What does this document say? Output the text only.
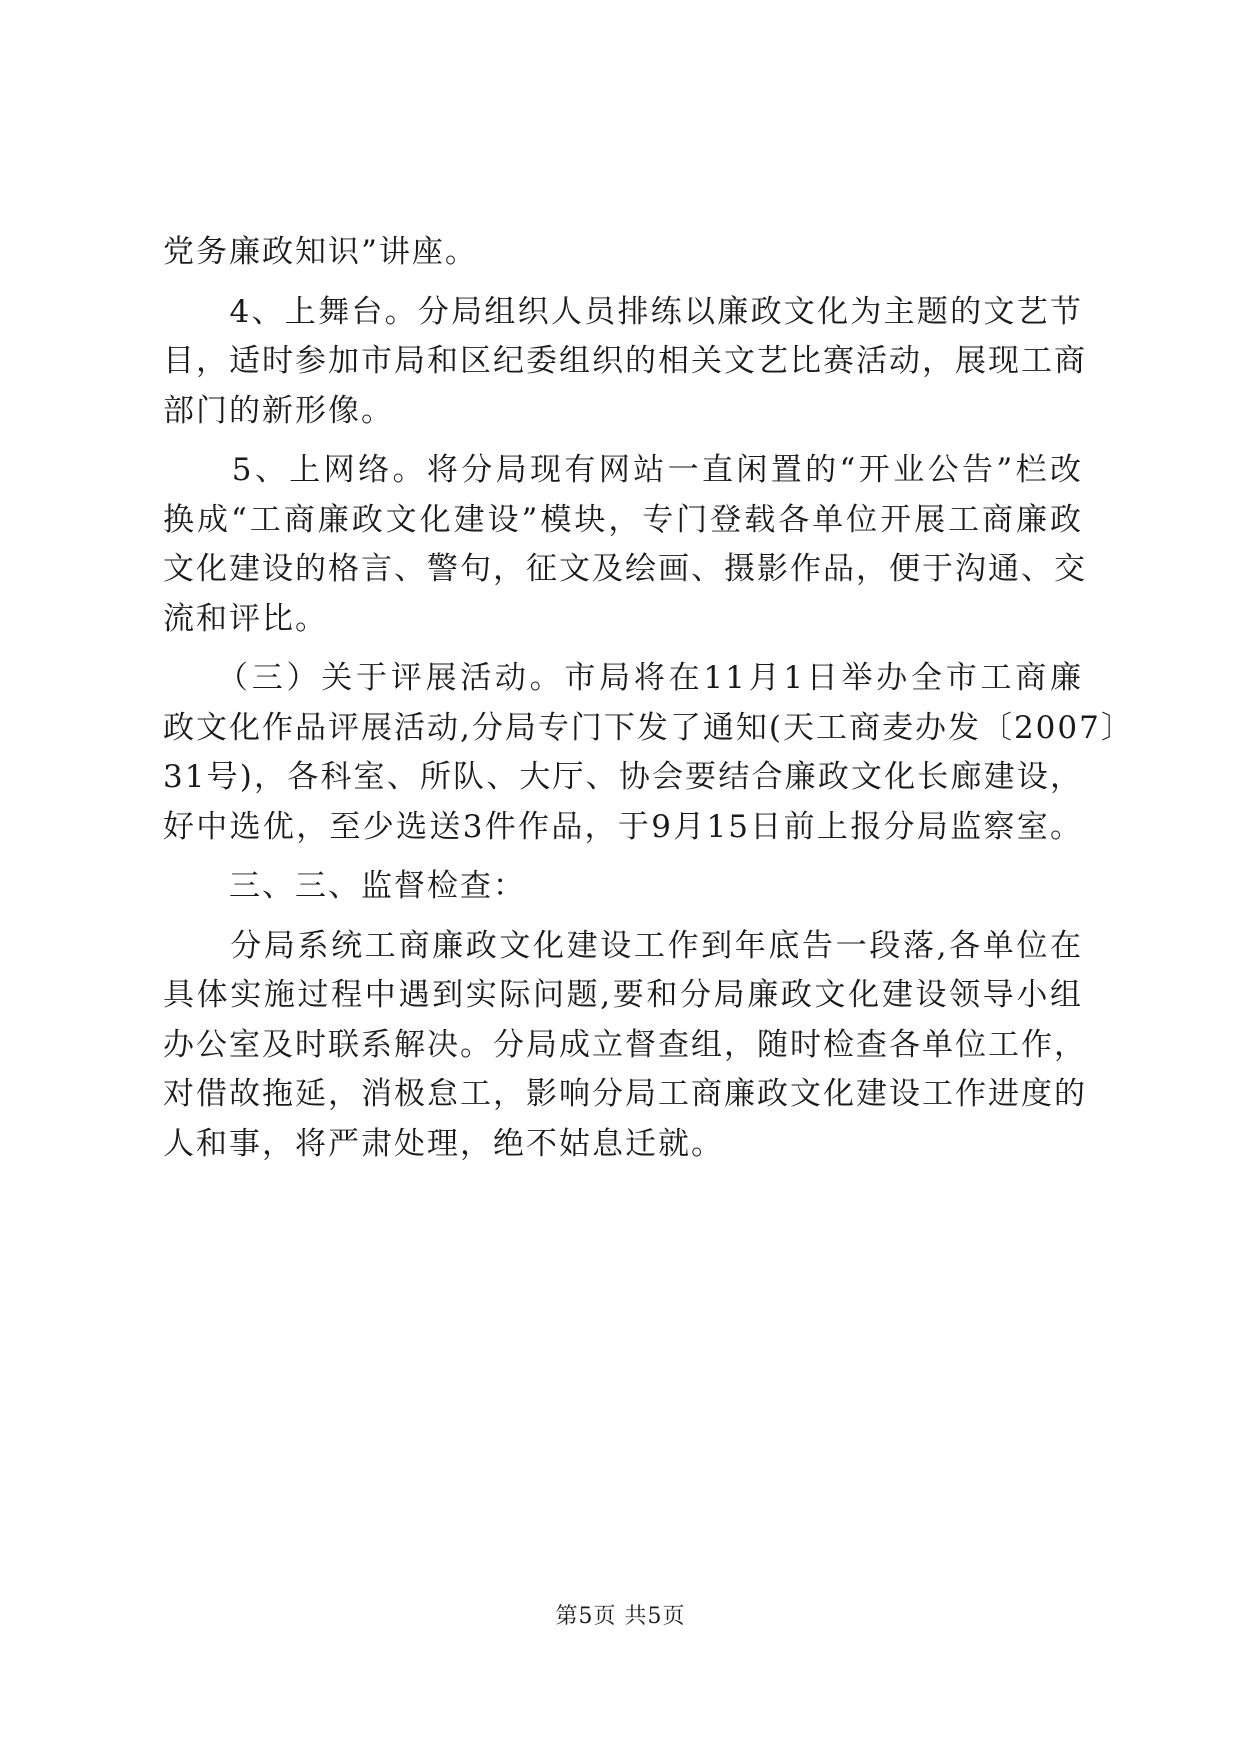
党务廉政知识”讲座。
　　4、上舞台。分局组织人员排练以廉政文化为主题的文艺节
目，适时参加市局和区纪委组织的相关文艺比赛活动，展现工商
部门的新形像。
　　5、上网络。将分局现有网站一直闲置的“开业公告”栏改
换成“工商廉政文化建设”模块，专门登载各单位开展工商廉政
文化建设的格言、警句，征文及绘画、摄影作品，便于沟通、交
流和评比。
　　（三）关于评展活动。市局将在11月1日举办全市工商廉
政文化作品评展活动,分局专门下发了通知(天工商麦办发〔2007〕
31号)，各科室、所队、大厅、协会要结合廉政文化长廊建设，
好中选优，至少选送3件作品，于9月15日前上报分局监察室。
　　三、三、监督检查：
　　分局系统工商廉政文化建设工作到年底告一段落,各单位在
具体实施过程中遇到实际问题,要和分局廉政文化建设领导小组
办公室及时联系解决。分局成立督查组，随时检查各单位工作，
对借故拖延，消极怠工，影响分局工商廉政文化建设工作进度的
人和事，将严肃处理，绝不姑息迁就。
第5页 共5页
